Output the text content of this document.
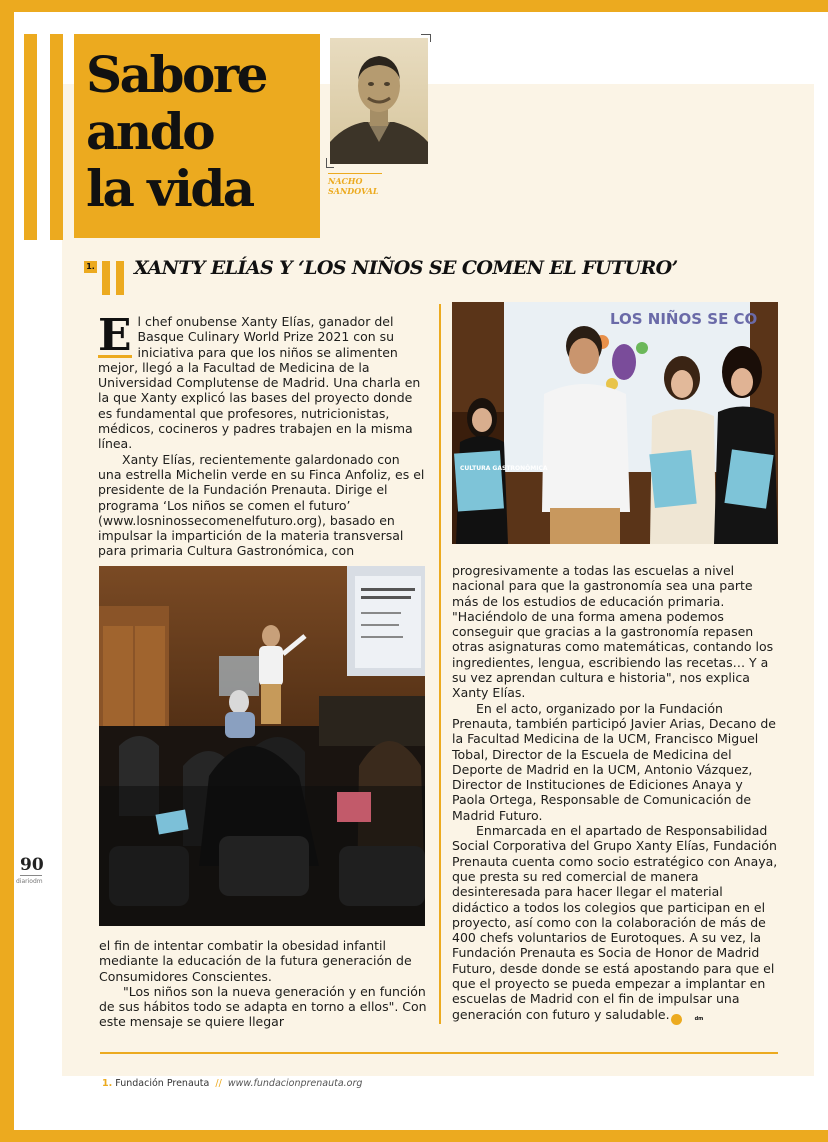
Sabore
ando
la vida	NACHO
SANDOVAL
1. XANTY ELÍAS Y ‘LOS NIÑOS SE COMEN EL FUTURO’

E l chef onubense Xanty Elías, ganador del Basque Culinary World Prize 2021 con su iniciativa para que los niños se alimenten mejor, llegó a la Facultad de Medicina de la Universidad Complutense de Madrid. Una charla en la que Xanty explicó las bases del proyecto donde es fundamental que profesores, nutricionistas, médicos, cocineros y padres trabajen en la misma línea.

Xanty Elías, recientemente galardonado con una estrella Michelin verde en su Finca Anfoliz, es el presidente de la Fundación Prenauta. Dirige el programa ‘Los niños se comen el futuro’ (www.losninossecomenelfuturo.org), basado en impulsar la impartición de la materia transversal para primaria Cultura Gastronómica, con

el fin de intentar combatir la obesidad infantil mediante la educación de la futura generación de Consumidores Conscientes.

"Los niños son la nueva generación y en función de sus hábitos todo se adapta en torno a ellos". Con este mensaje se quiere llegar

LOS NIÑOS SE CO
CULTURA GASTRONÓMICA

progresivamente a todas las escuelas a nivel nacional para que la gastronomía sea una parte más de los estudios de educación primaria. "Haciéndolo de una forma amena podemos conseguir que gracias a la gastronomía repasen otras asignaturas como matemáticas, contando los ingredientes, lengua, escribiendo las recetas… Y a su vez aprendan cultura e historia", nos explica Xanty Elías.

En el acto, organizado por la Fundación Prenauta, también participó Javier Arias, Decano de la Facultad Medicina de la UCM, Francisco Miguel Tobal, Director de la Escuela de Medicina del Deporte de Madrid en la UCM, Antonio Vázquez, Director de Instituciones de Ediciones Anaya y Paola Ortega, Responsable de Comunicación de Madrid Futuro.

Enmarcada en el apartado de Responsabilidad Social Corporativa del Grupo Xanty Elías, Fundación Prenauta cuenta como socio estratégico con Anaya, que presta su red comercial de manera desinteresada para hacer llegar el material didáctico a todos los colegios que participan en el proyecto, así como con la colaboración de más de 400 chefs voluntarios de Eurotoques. A su vez, la Fundación Prenauta es Socia de Honor de Madrid Futuro, desde donde se está apostando para que el que el proyecto se pueda empezar a implantar en escuelas de Madrid con el fin de impulsar una generación con futuro y saludable.	dm

1. Fundación Prenauta // www.fundacionprenauta.org
90
diariodm
